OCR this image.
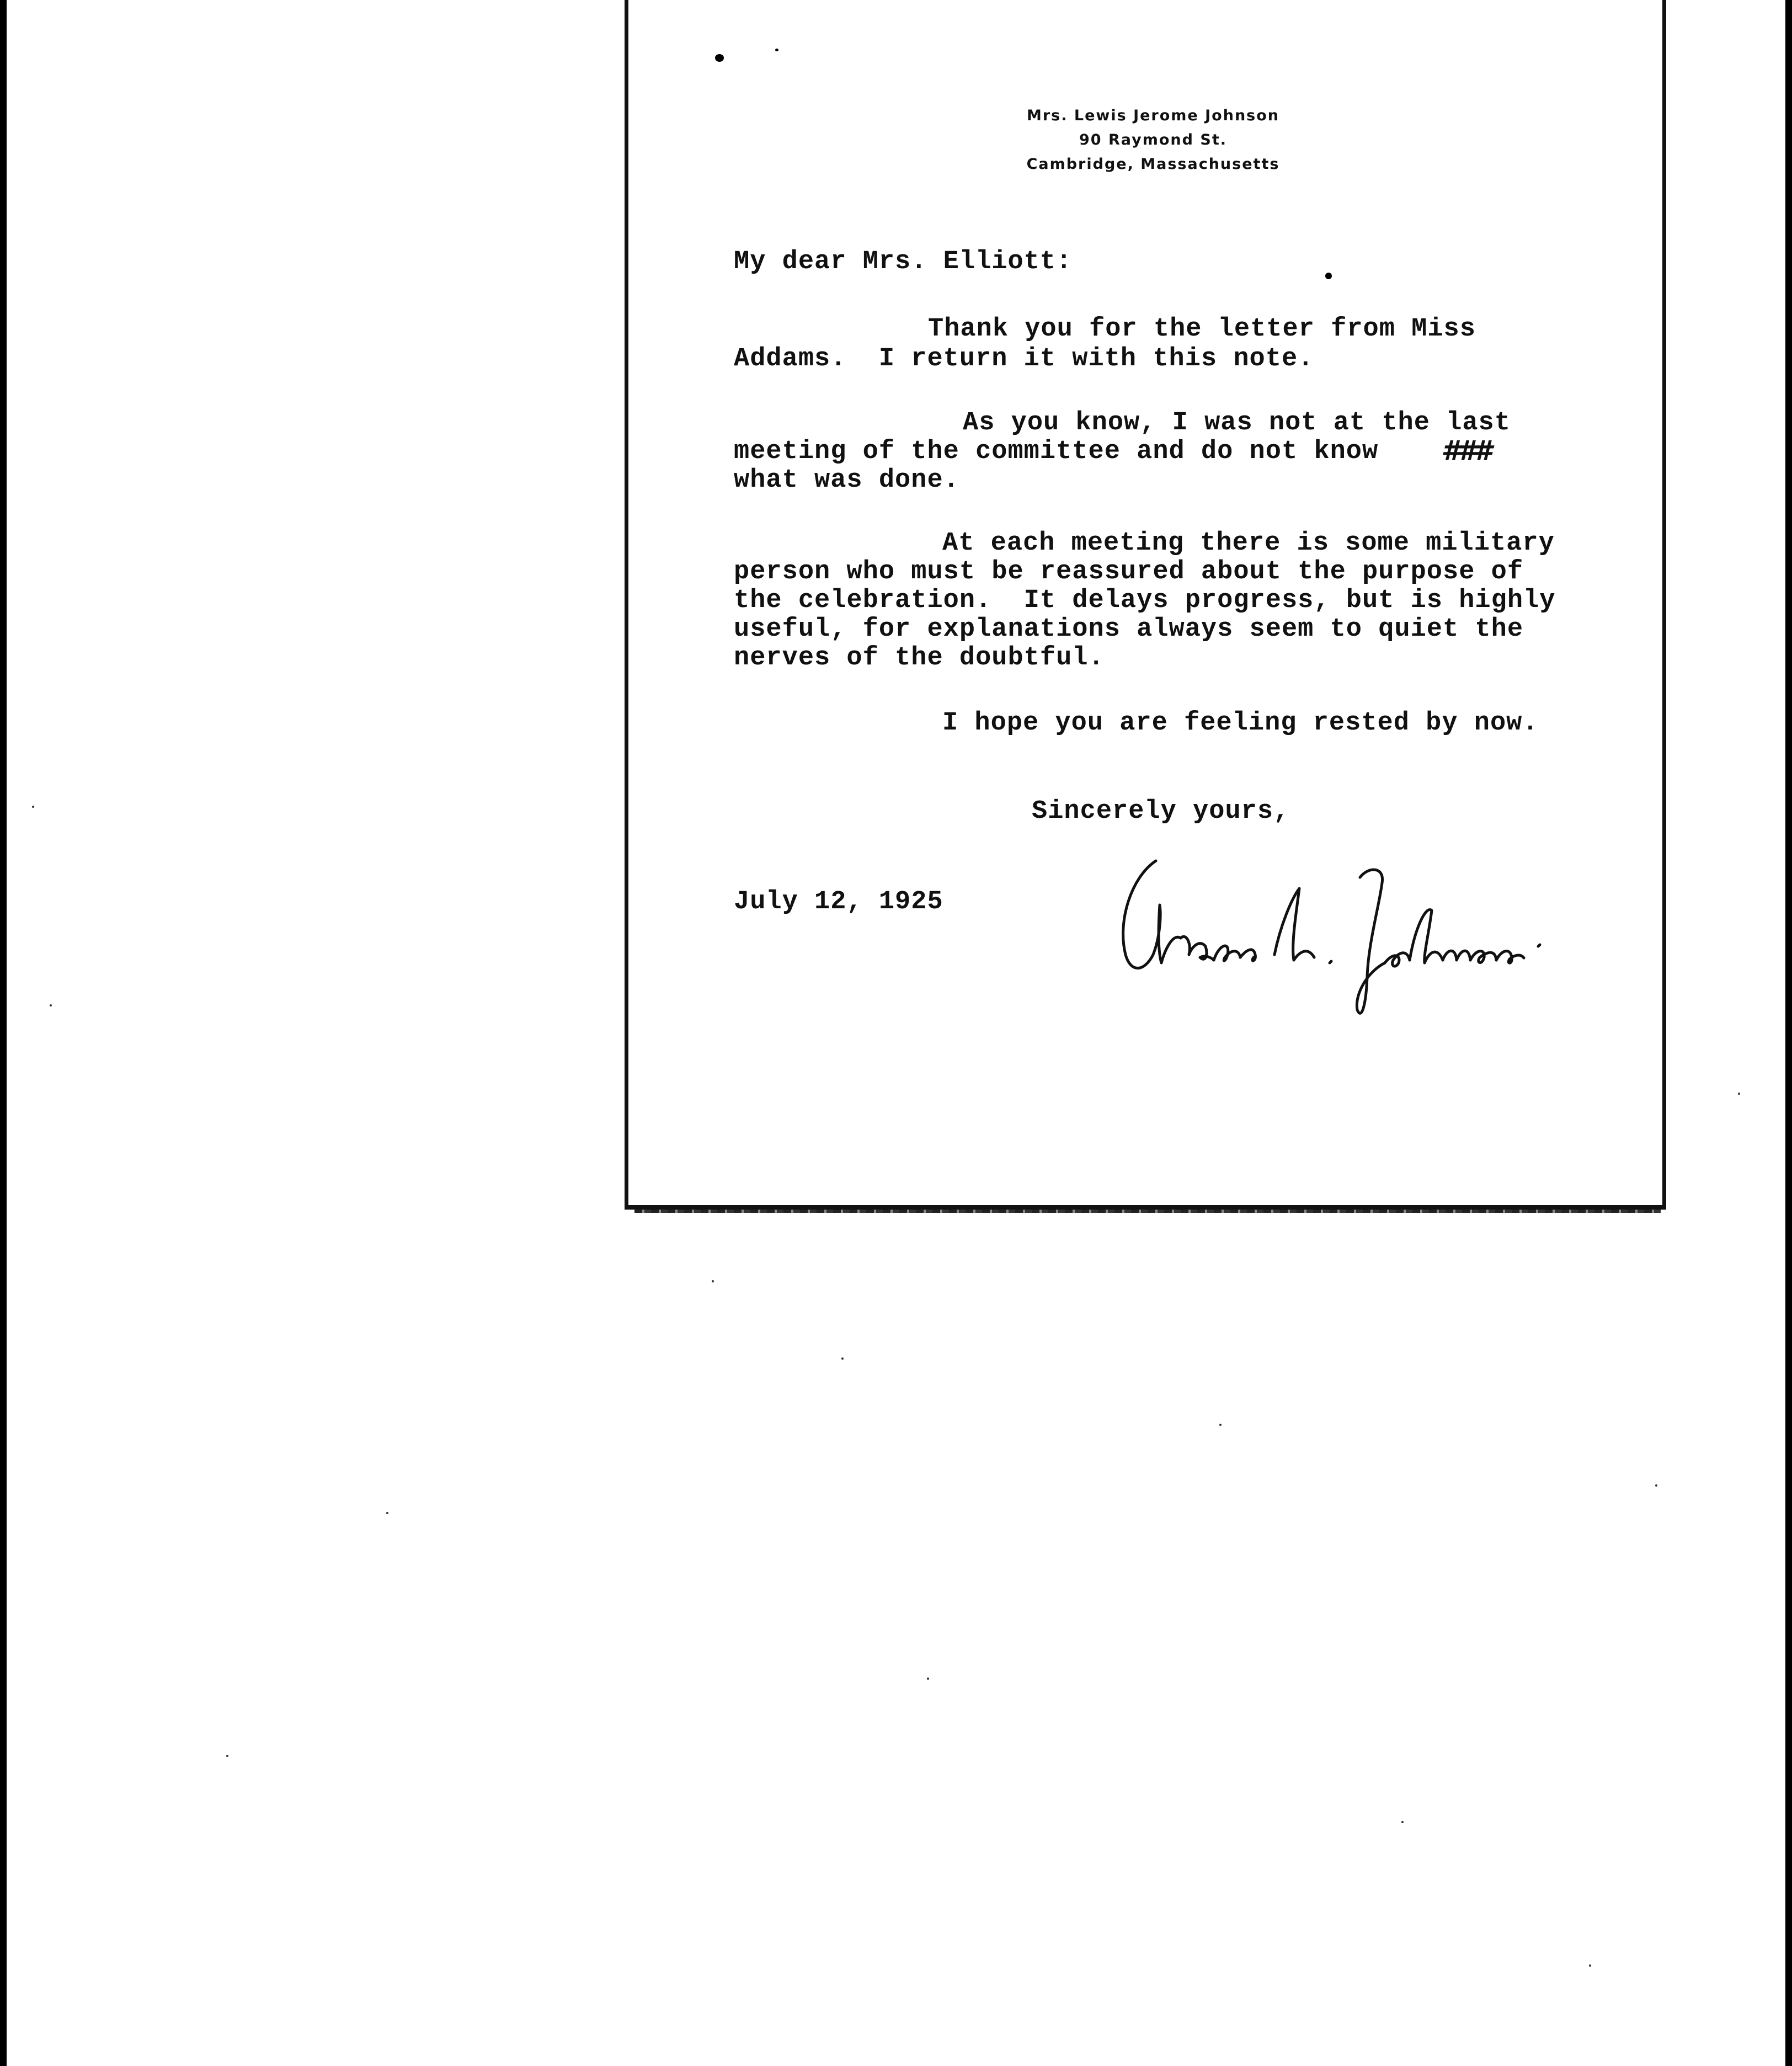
Mrs. Lewis Jerome Johnson
90 Raymond St.
Cambridge, Massachusetts
My dear Mrs. Elliott:
Thank you for the letter from Miss
Addams.  I return it with this note.
As you know, I was not at the last
meeting of the committee and do not know ###
what was done.
At each meeting there is some military
person who must be reassured about the purpose of
the celebration.  It delays progress, but is highly
useful, for explanations always seem to quiet the
nerves of the doubtful.
I hope you are feeling rested by now.
Sincerely yours,
July 12, 1925
